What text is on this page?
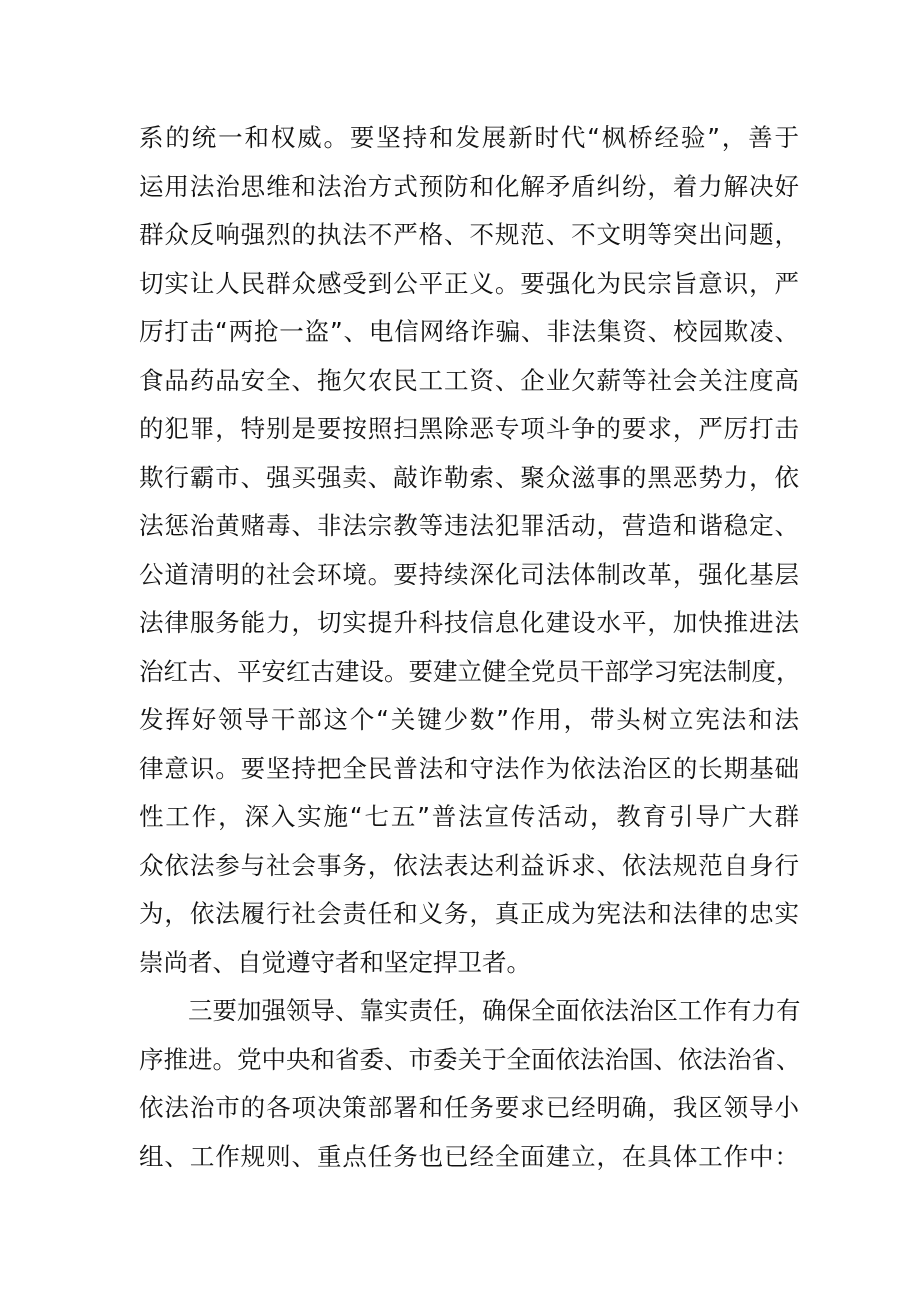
系的统一和权威。要坚持和发展新时代“枫桥经验”，善于
运用法治思维和法治方式预防和化解矛盾纠纷，着力解决好
群众反响强烈的执法不严格、不规范、不文明等突出问题，
切实让人民群众感受到公平正义。要强化为民宗旨意识，严
厉打击“两抢一盗”、电信网络诈骗、非法集资、校园欺凌、
食品药品安全、拖欠农民工工资、企业欠薪等社会关注度高
的犯罪，特别是要按照扫黑除恶专项斗争的要求，严厉打击
欺行霸市、强买强卖、敲诈勒索、聚众滋事的黑恶势力，依
法惩治黄赌毒、非法宗教等违法犯罪活动，营造和谐稳定、
公道清明的社会环境。要持续深化司法体制改革，强化基层
法律服务能力，切实提升科技信息化建设水平，加快推进法
治红古、平安红古建设。要建立健全党员干部学习宪法制度，
发挥好领导干部这个“关键少数”作用，带头树立宪法和法
律意识。要坚持把全民普法和守法作为依法治区的长期基础
性工作，深入实施“七五”普法宣传活动，教育引导广大群
众依法参与社会事务，依法表达利益诉求、依法规范自身行
为，依法履行社会责任和义务，真正成为宪法和法律的忠实
崇尚者、自觉遵守者和坚定捍卫者。
三要加强领导、靠实责任，确保全面依法治区工作有力有
序推进。党中央和省委、市委关于全面依法治国、依法治省、
依法治市的各项决策部署和任务要求已经明确，我区领导小
组、工作规则、重点任务也已经全面建立，在具体工作中：
